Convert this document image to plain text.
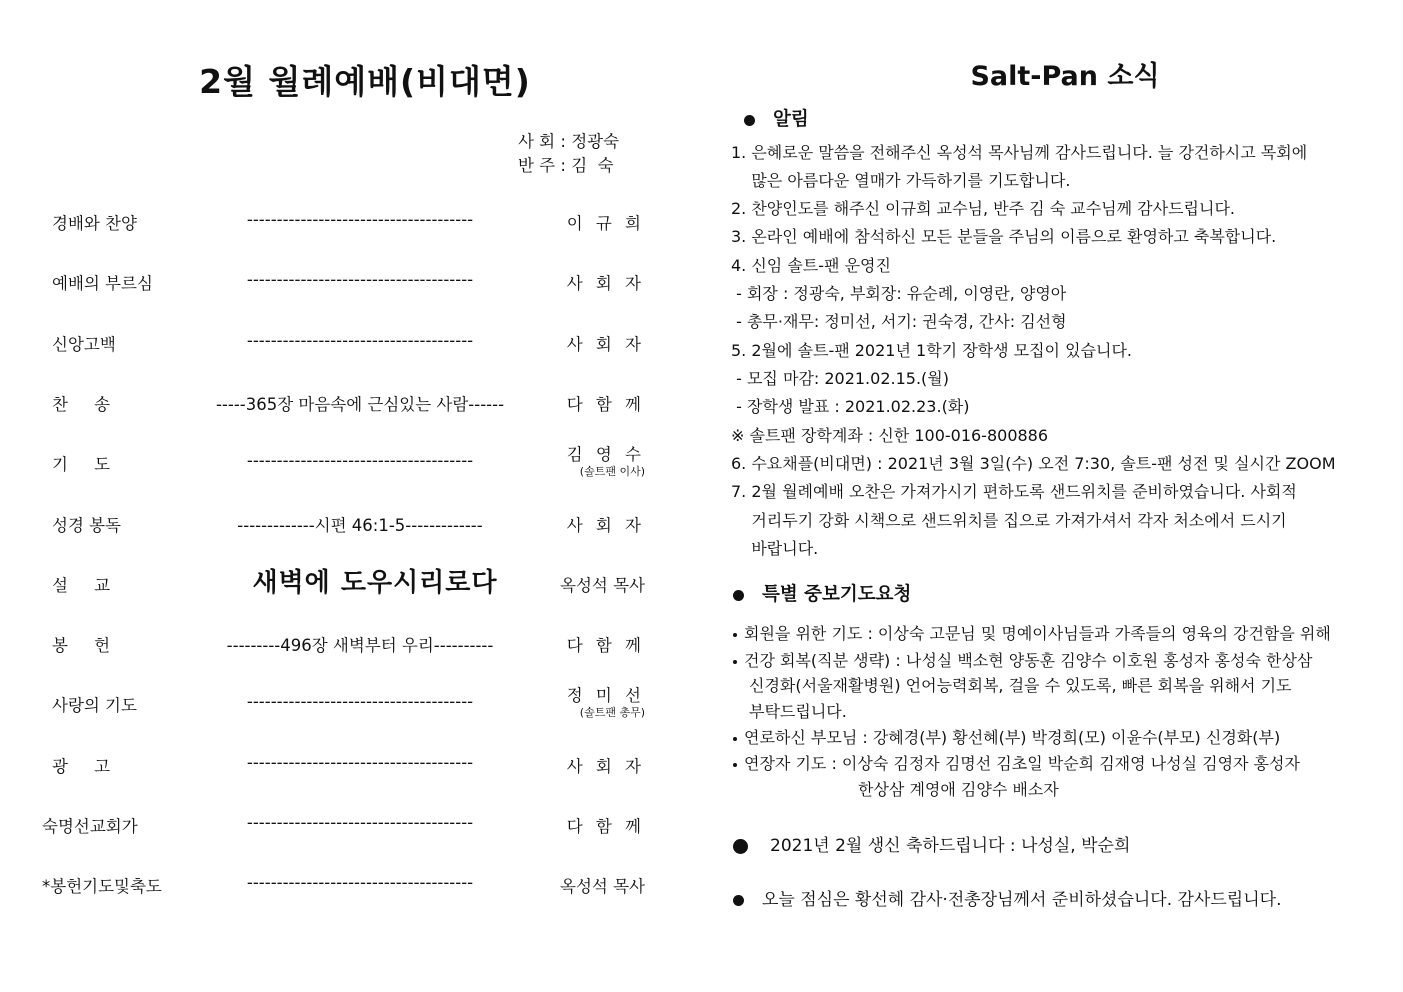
2월 월례예배(비대면)
사 회 : 정광숙
반 주 : 김  숙
경배와 찬양	--------------------------------------	이 규 희
예배의 부르심	--------------------------------------	사 회 자
신앙고백	--------------------------------------	사 회 자
찬     송	-----365장 마음속에 근심있는 사람------	다 함 께
기     도	--------------------------------------	김 영 수
(솔트팬 이사)
성경 봉독	-------------시편 46:1-5-------------	사 회 자
설     교	새벽에 도우시리로다	옥성석 목사
봉     헌	---------496장 새벽부터 우리----------	다 함 께
사랑의 기도	--------------------------------------	정 미 선
(솔트팬 총무)
광     고	--------------------------------------	사 회 자
숙명선교회가	--------------------------------------	다 함 께
*봉헌기도및축도	--------------------------------------	옥성석 목사
Salt-Pan 소식
알림
1. 은혜로운 말씀을 전해주신 옥성석 목사님께 감사드립니다. 늘 강건하시고 목회에
많은 아름다운 열매가 가득하기를 기도합니다.
2. 찬양인도를 해주신 이규희 교수님, 반주 김 숙 교수님께 감사드립니다.
3. 온라인 예배에 참석하신 모든 분들을 주님의 이름으로 환영하고 축복합니다.
4. 신임 솔트-팬 운영진
- 회장 : 정광숙, 부회장: 유순례, 이영란, 양영아
- 총무·재무: 정미선, 서기: 권숙경, 간사: 김선형
5. 2월에 솔트-팬 2021년 1학기 장학생 모집이 있습니다.
- 모집 마감: 2021.02.15.(월)
- 장학생 발표 : 2021.02.23.(화)
※ 솔트팬 장학계좌 : 신한 100-016-800886
6. 수요채플(비대면) : 2021년 3월 3일(수) 오전 7:30, 솔트-팬 성전 및 실시간 ZOOM
7. 2월 월례예배 오찬은 가져가시기 편하도록 샌드위치를 준비하였습니다. 사회적
거리두기 강화 시책으로 샌드위치를 집으로 가져가셔서 각자 처소에서 드시기
바랍니다.
특별 중보기도요청
회원을 위한 기도 : 이상숙 고문님 및 명예이사님들과 가족들의 영육의 강건함을 위해
건강 회복(직분 생략) : 나성실 백소현 양동훈 김양수 이호원 홍성자 홍성숙 한상삼
신경화(서울재활병원) 언어능력회복, 걸을 수 있도록, 빠른 회복을 위해서 기도
부탁드립니다.
연로하신 부모님 : 강혜경(부) 황선혜(부) 박경희(모) 이윤수(부모) 신경화(부)
연장자 기도 : 이상숙 김정자 김명선 김초일 박순희 김재영 나성실 김영자 홍성자
한상삼 계영애 김양수 배소자
2021년 2월 생신 축하드립니다 : 나성실, 박순희
오늘 점심은 황선혜 감사·전총장님께서 준비하셨습니다. 감사드립니다.
